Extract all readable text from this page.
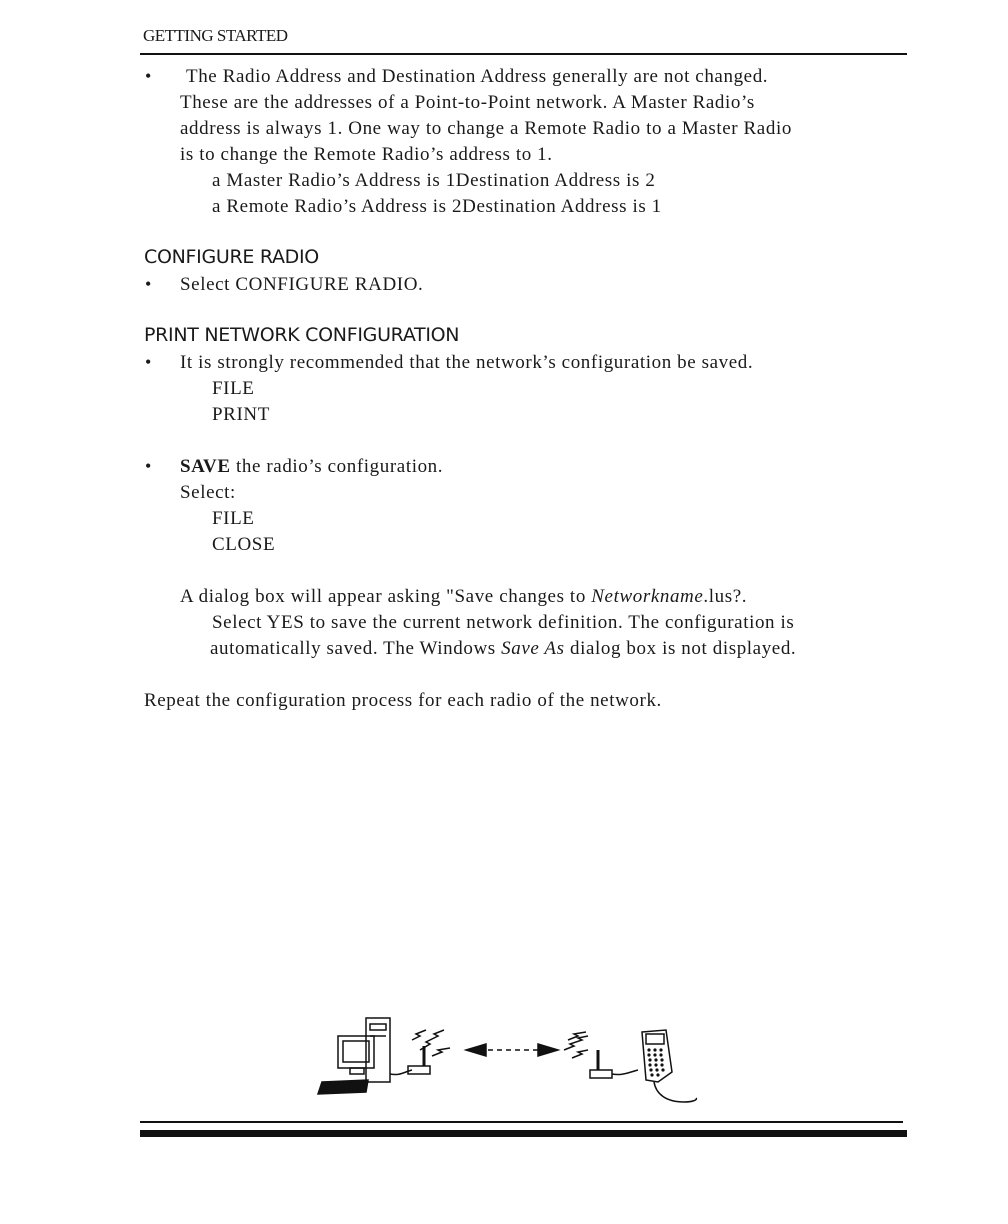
GETTING STARTED
• The Radio Address and Destination Address generally are not changed.
These are the addresses of a Point-to-Point network. A Master Radio’s
address is always 1. One way to change a Remote Radio to a Master Radio
is to change the Remote Radio’s address to 1.
a Master Radio’s Address is 1Destination Address is 2
a Remote Radio’s Address is 2Destination Address is 1
CONFIGURE RADIO
• Select CONFIGURE RADIO.
PRINT NETWORK CONFIGURATION
• It is strongly recommended that the network’s configuration be saved.
FILE
PRINT
• SAVE the radio’s configuration.
Select:
FILE
CLOSE
A dialog box will appear asking "Save changes to Networkname.lus?.
Select YES to save the current network definition. The configuration is
automatically saved. The Windows Save As dialog box is not displayed.
Repeat the configuration process for each radio of the network.
